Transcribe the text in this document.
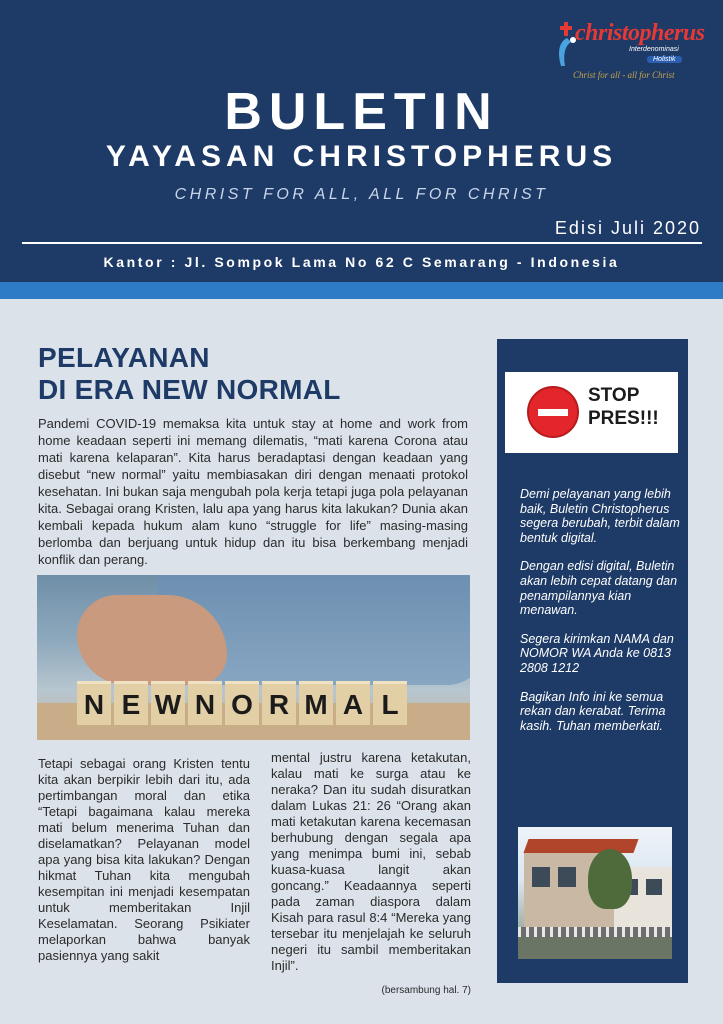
christopherus
Interdenominasi
Holistik
Christ for all - all for Christ
BULETIN
YAYASAN CHRISTOPHERUS
CHRIST FOR ALL, ALL FOR CHRIST
Edisi Juli 2020
Kantor : Jl. Sompok Lama No 62 C Semarang - Indonesia
PELAYANAN
DI ERA NEW NORMAL

Pandemi COVID-19 memaksa kita untuk stay at home and work from home keadaan seperti ini memang dilematis, “mati karena Corona atau mati karena kelaparan”. Kita harus beradaptasi dengan keadaan yang disebut “new normal” yaitu membiasakan diri dengan menaati protokol kesehatan. Ini bukan saja mengubah pola kerja tetapi juga pola pelayanan kita. Sebagai orang Kristen, lalu apa yang harus kita lakukan? Dunia akan kembali kepada hukum alam kuno “struggle for life” masing-masing berlomba dan berjuang untuk hidup dan itu bisa berkembang menjadi konflik dan perang.

N E W N O R M A L

Tetapi sebagai orang Kristen tentu kita akan berpikir lebih dari itu, ada pertimbangan moral dan etika “Tetapi bagaimana kalau mereka mati belum menerima Tuhan dan diselamatkan? Pelayanan model apa yang bisa kita lakukan? Dengan hikmat Tuhan kita mengubah kesempitan ini menjadi kesempatan untuk memberitakan Injil Keselamatan. Seorang Psikiater melaporkan bahwa banyak pasiennya yang sakit

mental justru karena ketakutan, kalau mati ke surga atau ke neraka? Dan itu sudah disuratkan dalam Lukas 21: 26 “Orang akan mati ketakutan karena kecemasan berhubung dengan segala apa yang menimpa bumi ini, sebab kuasa-kuasa langit akan goncang.” Keadaannya seperti pada zaman diaspora dalam Kisah para rasul 8:4 “Mereka yang tersebar itu menjelajah ke seluruh negeri itu sambil memberitakan Injil”.

(bersambung hal. 7)
STOP
PRES!!!

Demi pelayanan yang lebih baik, Buletin Christopherus segera berubah, terbit dalam bentuk digital.

Dengan edisi digital, Buletin akan lebih cepat datang dan penampilannya kian menawan.

Segera kirimkan NAMA dan NOMOR WA Anda ke 0813 2808 1212

Bagikan Info ini ke semua rekan dan kerabat. Terima kasih. Tuhan memberkati.
